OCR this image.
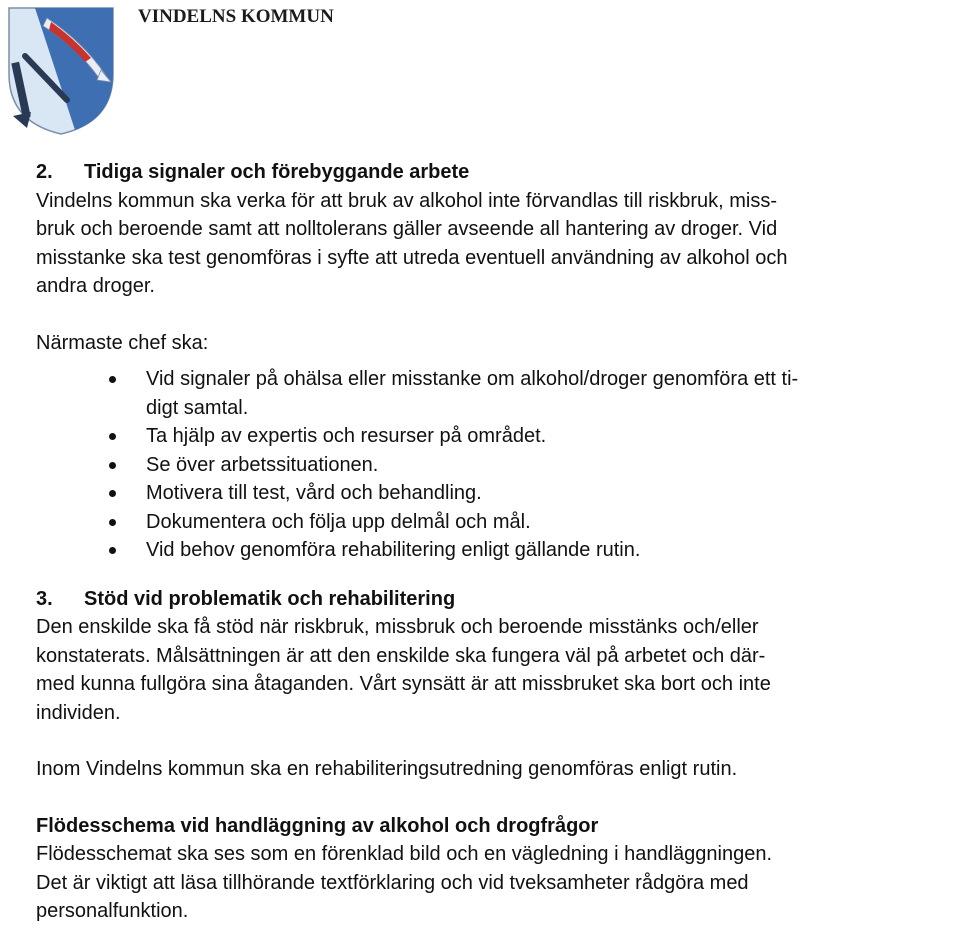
VINDELNS KOMMUN

2. Tidiga signaler och förebyggande arbete

Vindelns kommun ska verka för att bruk av alkohol inte förvandlas till riskbruk, miss-

bruk och beroende samt att nolltolerans gäller avseende all hantering av droger. Vid

misstanke ska test genomföras i syfte att utreda eventuell användning av alkohol och

andra droger.

Närmaste chef ska:

Vid signaler på ohälsa eller misstanke om alkohol/droger genomföra ett ti-
digt samtal.
Ta hjälp av expertis och resurser på området.
Se över arbetssituationen.
Motivera till test, vård och behandling.
Dokumentera och följa upp delmål och mål.
Vid behov genomföra rehabilitering enligt gällande rutin.

3. Stöd vid problematik och rehabilitering

Den enskilde ska få stöd när riskbruk, missbruk och beroende misstänks och/eller

konstaterats. Målsättningen är att den enskilde ska fungera väl på arbetet och där-

med kunna fullgöra sina åtaganden. Vårt synsätt är att missbruket ska bort och inte

individen.

Inom Vindelns kommun ska en rehabiliteringsutredning genomföras enligt rutin.

Flödesschema vid handläggning av alkohol och drogfrågor

Flödesschemat ska ses som en förenklad bild och en vägledning i handläggningen.

Det är viktigt att läsa tillhörande textförklaring och vid tveksamheter rådgöra med

personalfunktion.
